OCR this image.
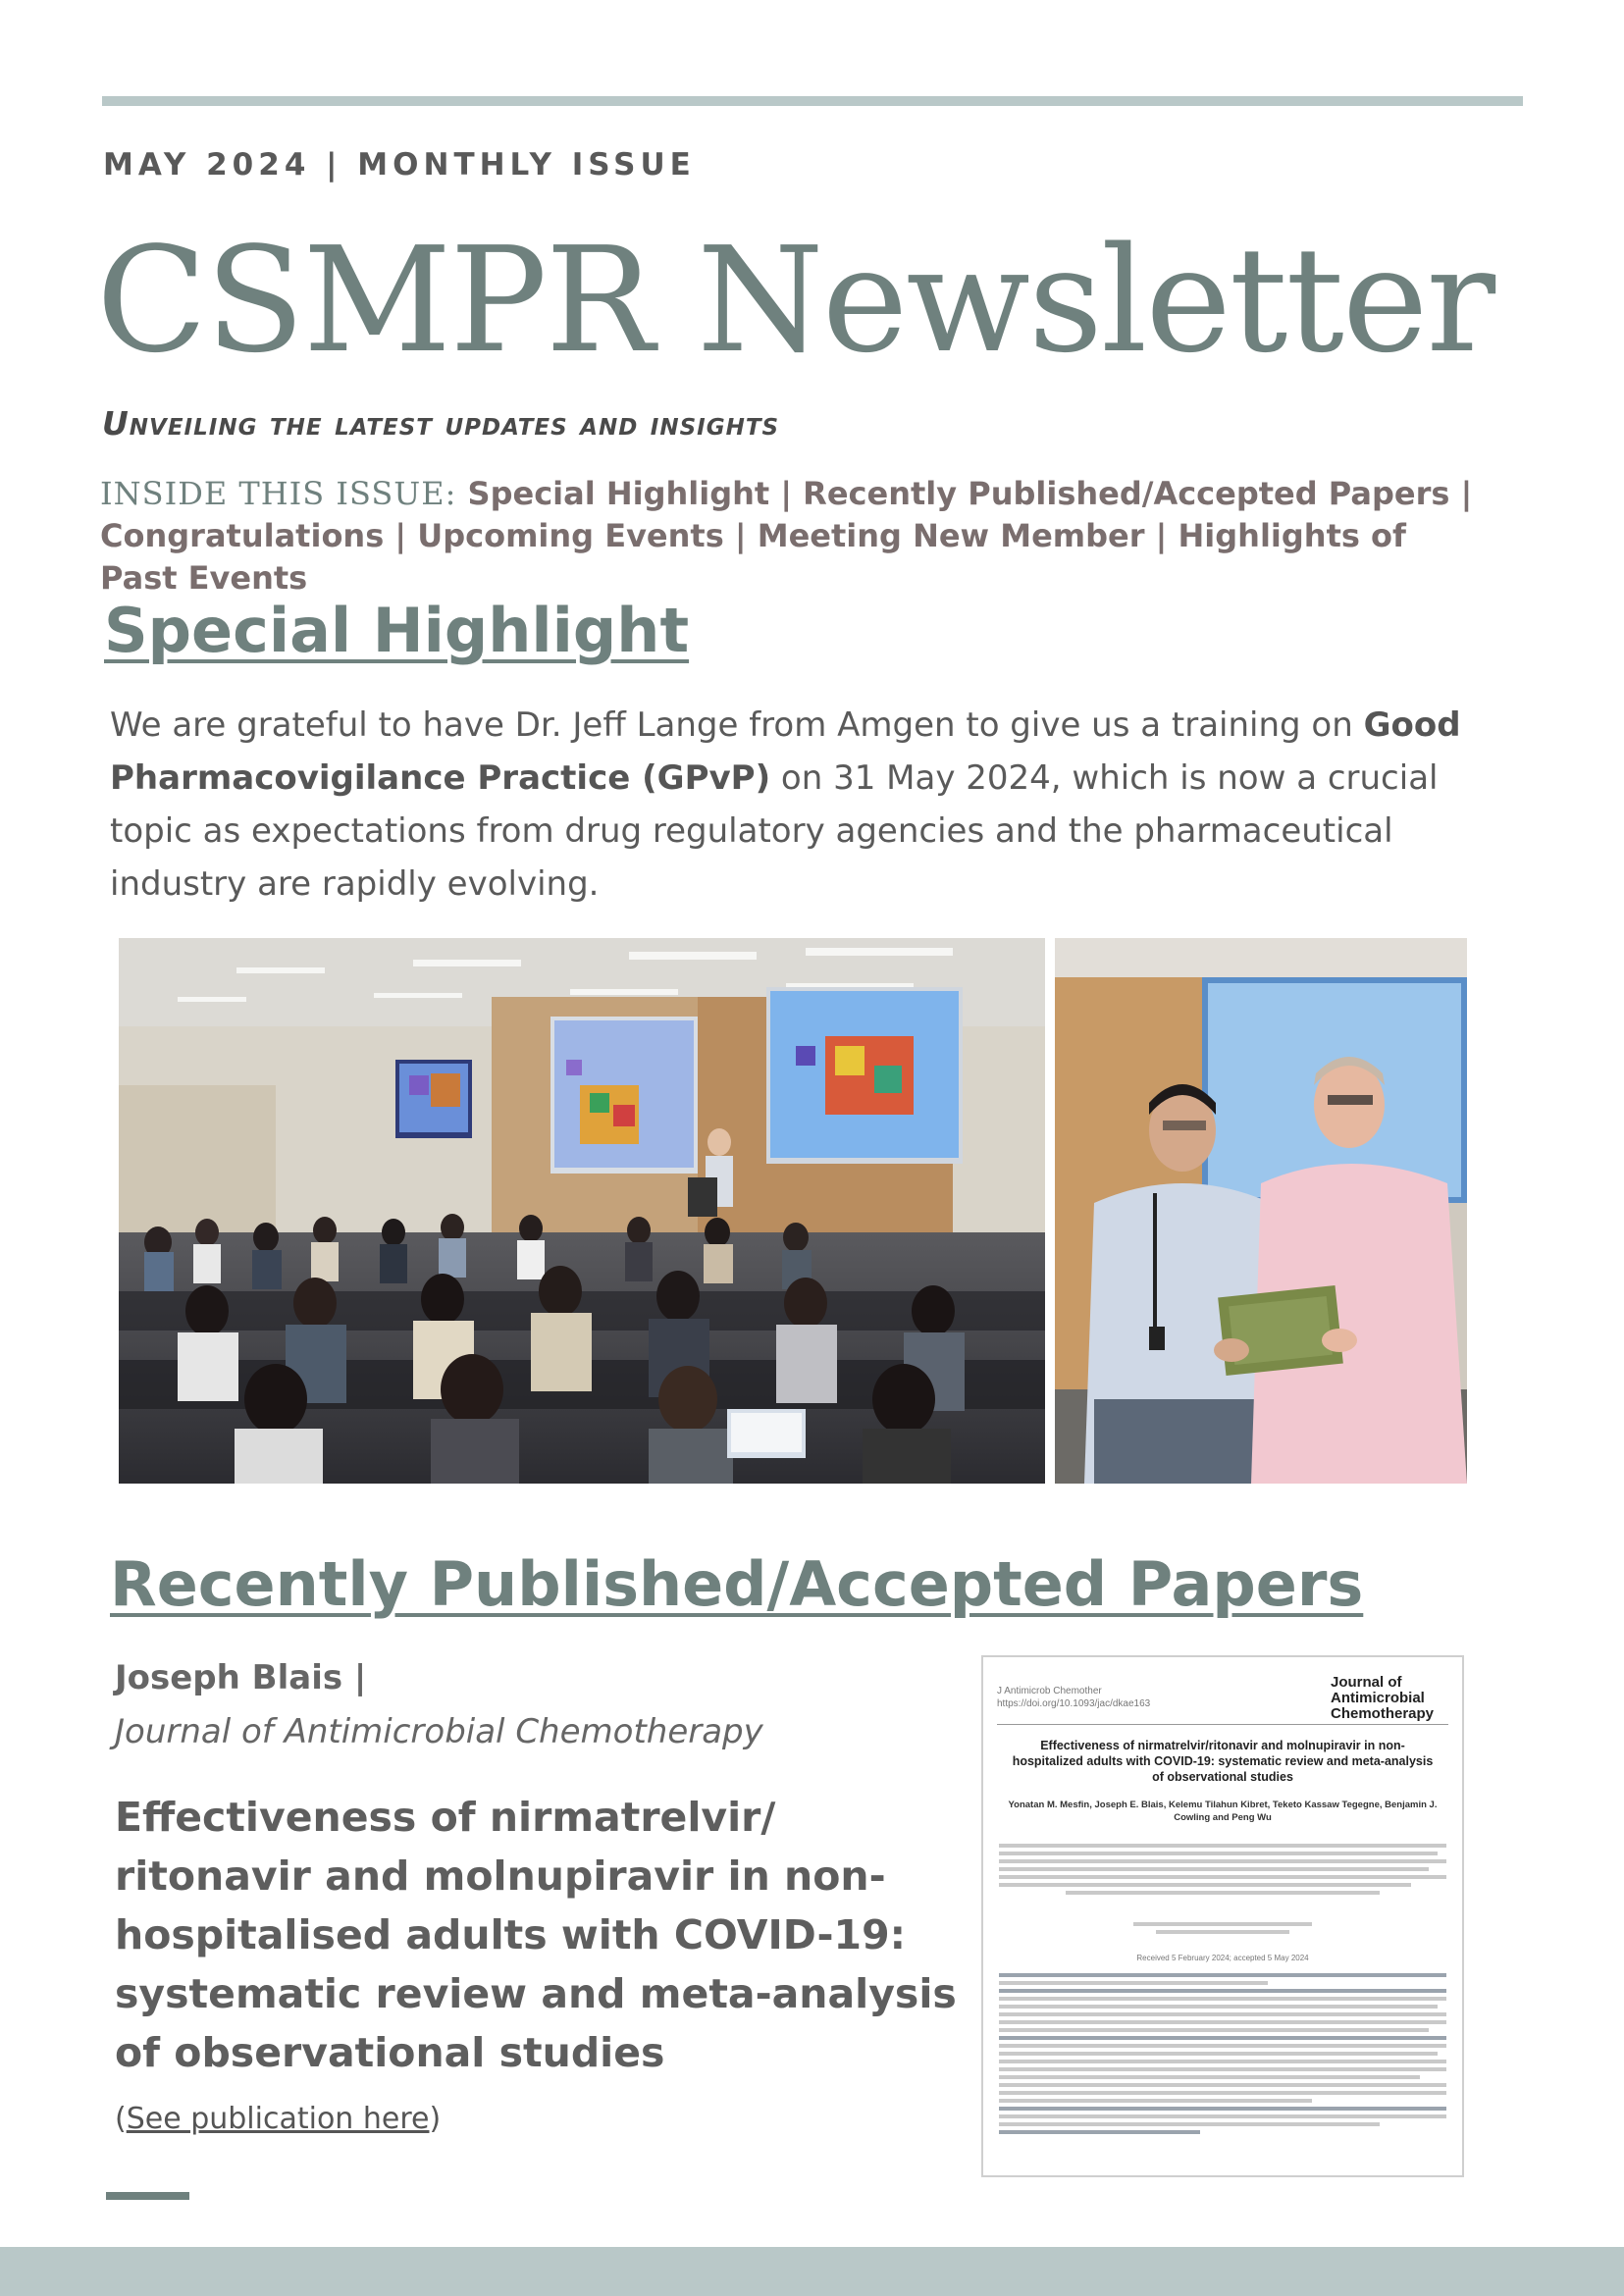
MAY 2024 | MONTHLY ISSUE
CSMPR Newsletter
Unveiling the latest updates and insights
INSIDE THIS ISSUE: Special Highlight | Recently Published/Accepted Papers | Congratulations | Upcoming Events | Meeting New Member | Highlights of Past Events
Special Highlight
We are grateful to have Dr. Jeff Lange from Amgen to give us a training on Good Pharmacovigilance Practice (GPvP) on 31 May 2024, which is now a crucial topic as expectations from drug regulatory agencies and the pharmaceutical industry are rapidly evolving.
Recently Published/Accepted Papers
Joseph Blais |
Journal of Antimicrobial Chemotherapy
Effectiveness of nirmatrelvir/ ritonavir and molnupiravir in non-hospitalised adults with COVID-19: systematic review and meta-analysis of observational studies
(See publication here)
J Antimicrob Chemother
https://doi.org/10.1093/jac/dkae163
Journal of Antimicrobial Chemotherapy
Effectiveness of nirmatrelvir/ritonavir and molnupiravir in non-hospitalized adults with COVID-19: systematic review and meta-analysis of observational studies
Yonatan M. Mesfin, Joseph E. Blais, Kelemu Tilahun Kibret, Teketo Kassaw Tegegne, Benjamin J. Cowling and Peng Wu
Received 5 February 2024; accepted 5 May 2024
